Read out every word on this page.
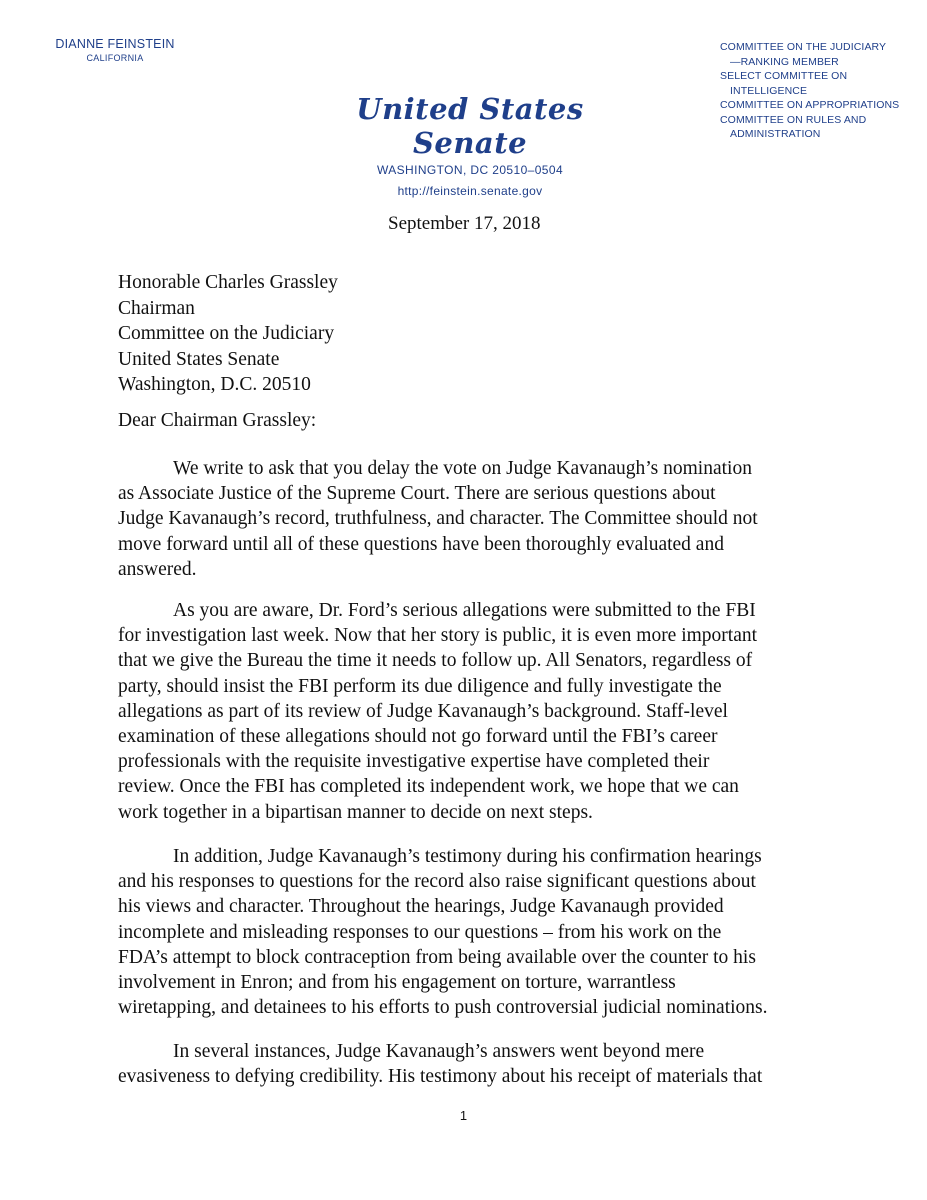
DIANNE FEINSTEIN
CALIFORNIA
United States Senate
WASHINGTON, DC 20510–0504
http://feinstein.senate.gov
COMMITTEE ON THE JUDICIARY
—RANKING MEMBER
SELECT COMMITTEE ON
INTELLIGENCE
COMMITTEE ON APPROPRIATIONS
COMMITTEE ON RULES AND
ADMINISTRATION
September 17, 2018
Honorable Charles Grassley
Chairman
Committee on the Judiciary
United States Senate
Washington, D.C. 20510
Dear Chairman Grassley:
We write to ask that you delay the vote on Judge Kavanaugh’s nomination
as Associate Justice of the Supreme Court. There are serious questions about
Judge Kavanaugh’s record, truthfulness, and character. The Committee should not
move forward until all of these questions have been thoroughly evaluated and
answered.
As you are aware, Dr. Ford’s serious allegations were submitted to the FBI
for investigation last week. Now that her story is public, it is even more important
that we give the Bureau the time it needs to follow up. All Senators, regardless of
party, should insist the FBI perform its due diligence and fully investigate the
allegations as part of its review of Judge Kavanaugh’s background. Staff-level
examination of these allegations should not go forward until the FBI’s career
professionals with the requisite investigative expertise have completed their
review. Once the FBI has completed its independent work, we hope that we can
work together in a bipartisan manner to decide on next steps.
In addition, Judge Kavanaugh’s testimony during his confirmation hearings
and his responses to questions for the record also raise significant questions about
his views and character. Throughout the hearings, Judge Kavanaugh provided
incomplete and misleading responses to our questions – from his work on the
FDA’s attempt to block contraception from being available over the counter to his
involvement in Enron; and from his engagement on torture, warrantless
wiretapping, and detainees to his efforts to push controversial judicial nominations.
In several instances, Judge Kavanaugh’s answers went beyond mere
evasiveness to defying credibility. His testimony about his receipt of materials that
1
